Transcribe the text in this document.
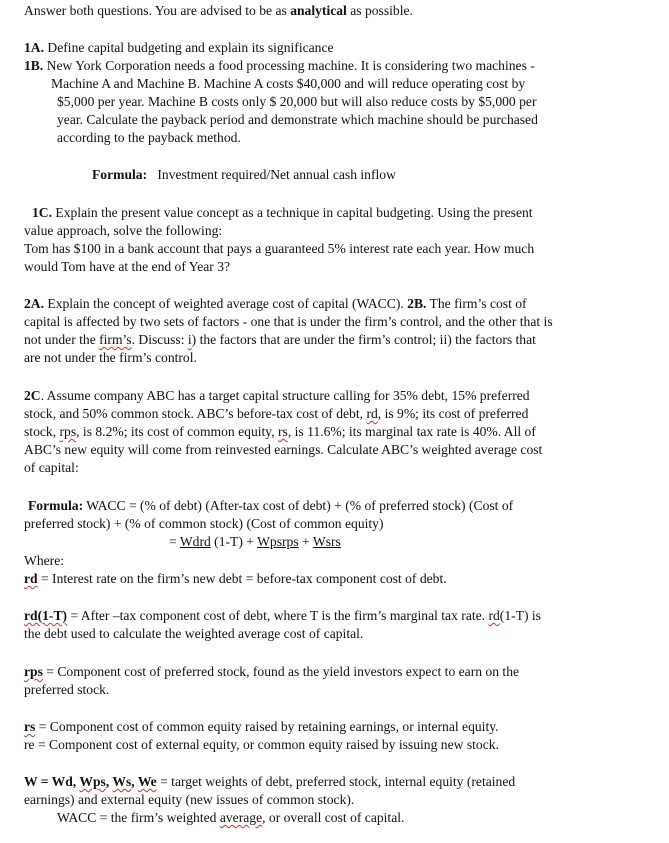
Answer both questions. You are advised to be as analytical as possible.

1A. Define capital budgeting and explain its significance

1B. New York Corporation needs a food processing machine. It is considering two machines -

Machine A and Machine B. Machine A costs $40,000 and will reduce operating cost by

$5,000 per year. Machine B costs only $ 20,000 but will also reduce costs by $5,000 per

year. Calculate the payback period and demonstrate which machine should be purchased

according to the payback method.

Formula: Investment required/Net annual cash inflow

1C. Explain the present value concept as a technique in capital budgeting. Using the present

value approach, solve the following:

Tom has $100 in a bank account that pays a guaranteed 5% interest rate each year. How much

would Tom have at the end of Year 3?

2A. Explain the concept of weighted average cost of capital (WACC). 2B. The firm’s cost of

capital is affected by two sets of factors - one that is under the firm’s control, and the other that is

not under the firm’s. Discuss: i) the factors that are under the firm’s control; ii) the factors that

are not under the firm’s control.

2C. Assume company ABC has a target capital structure calling for 35% debt, 15% preferred

stock, and 50% common stock. ABC’s before-tax cost of debt, rd, is 9%; its cost of preferred

stock, rps, is 8.2%; its cost of common equity, rs, is 11.6%; its marginal tax rate is 40%. All of

ABC’s new equity will come from reinvested earnings. Calculate ABC’s weighted average cost

of capital:

Formula: WACC = (% of debt) (After-tax cost of debt) + (% of preferred stock) (Cost of

preferred stock) + (% of common stock) (Cost of common equity)

= Wdrd (1-T) + Wpsrps + Wsrs

Where:

rd = Interest rate on the firm’s new debt = before-tax component cost of debt.

rd(1-T) = After –tax component cost of debt, where T is the firm’s marginal tax rate. rd(1-T) is

the debt used to calculate the weighted average cost of capital.

rps = Component cost of preferred stock, found as the yield investors expect to earn on the

preferred stock.

rs = Component cost of common equity raised by retaining earnings, or internal equity.

re = Component cost of external equity, or common equity raised by issuing new stock.

W = Wd, Wps, Ws, We = target weights of debt, preferred stock, internal equity (retained

earnings) and external equity (new issues of common stock).

WACC = the firm’s weighted average, or overall cost of capital.
